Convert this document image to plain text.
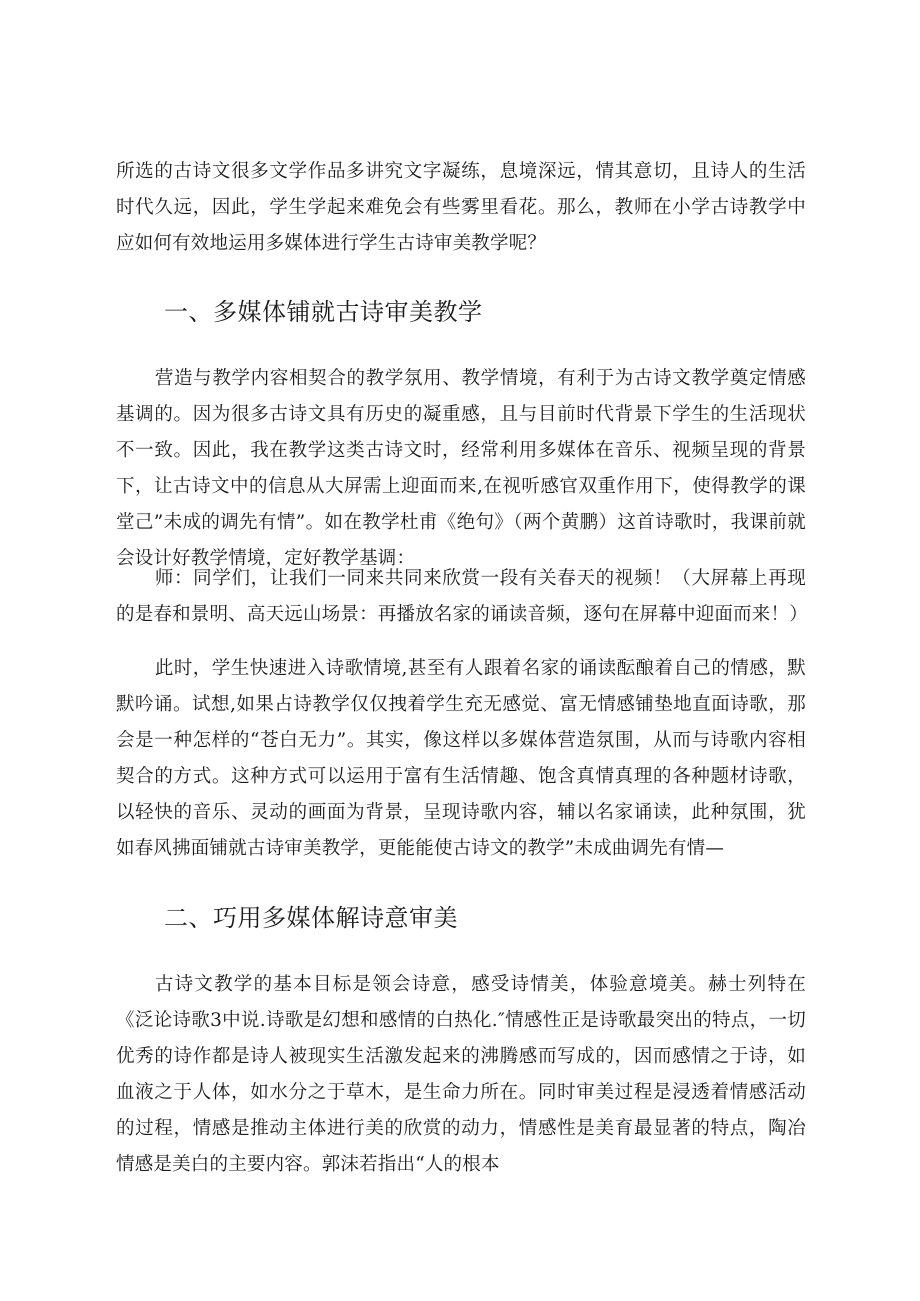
所选的古诗文很多文学作品多讲究文字凝练，息境深远，情其意切，且诗人的生活时代久远，因此，学生学起来难免会有些雾里看花。那么，教师在小学古诗教学中应如何有效地运用多媒体进行学生古诗审美教学呢？

一、多媒体铺就古诗审美教学

营造与教学内容相契合的教学氛用、教学情境，有利于为古诗文教学奠定情感基调的。因为很多古诗文具有历史的凝重感，且与目前时代背景下学生的生活现状不一致。因此，我在教学这类古诗文时，经常利用多媒体在音乐、视频呈现的背景下，让古诗文中的信息从大屏需上迎面而来,在视听感官双重作用下，使得教学的课堂己”未成的调先有情”。如在教学杜甫《绝句》（两个黄鹏）这首诗歌时，我课前就会设计好教学情境，定好教学基调：

师：同学们，让我们一同来共同来欣赏一段有关春天的视频！（大屏幕上再现的是春和景明、高天远山场景：再播放名家的诵读音频，逐句在屏幕中迎面而来！）

此时，学生快速进入诗歌情境,甚至有人跟着名家的诵读酝酿着自己的情感，默默吟诵。试想,如果占诗教学仅仅拽着学生充无感觉、富无情感铺垫地直面诗歌，那会是一种怎样的“苍白无力”。其实，像这样以多媒体营造氛围，从而与诗歌内容相契合的方式。这种方式可以运用于富有生活情趣、饱含真情真理的各种题材诗歌，以轻快的音乐、灵动的画面为背景，呈现诗歌内容，辅以名家诵读，此种氛围，犹如春风拂面铺就古诗审美教学，更能能使古诗文的教学”未成曲调先有情—

二、巧用多媒体解诗意审美

古诗文教学的基本目标是领会诗意，感受诗情美，体验意境美。赫士列特在《泛论诗歌3中说.诗歌是幻想和感情的白热化.″情感性正是诗歌最突出的特点，一切优秀的诗作都是诗人被现实生活激发起来的沸腾感而写成的，因而感情之于诗，如血液之于人体，如水分之于草木，是生命力所在。同时审美过程是浸透着情感活动的过程，情感是推动主体进行美的欣赏的动力，情感性是美育最显著的特点，陶冶情感是美白的主要内容。郭沫若指出“人的根本
